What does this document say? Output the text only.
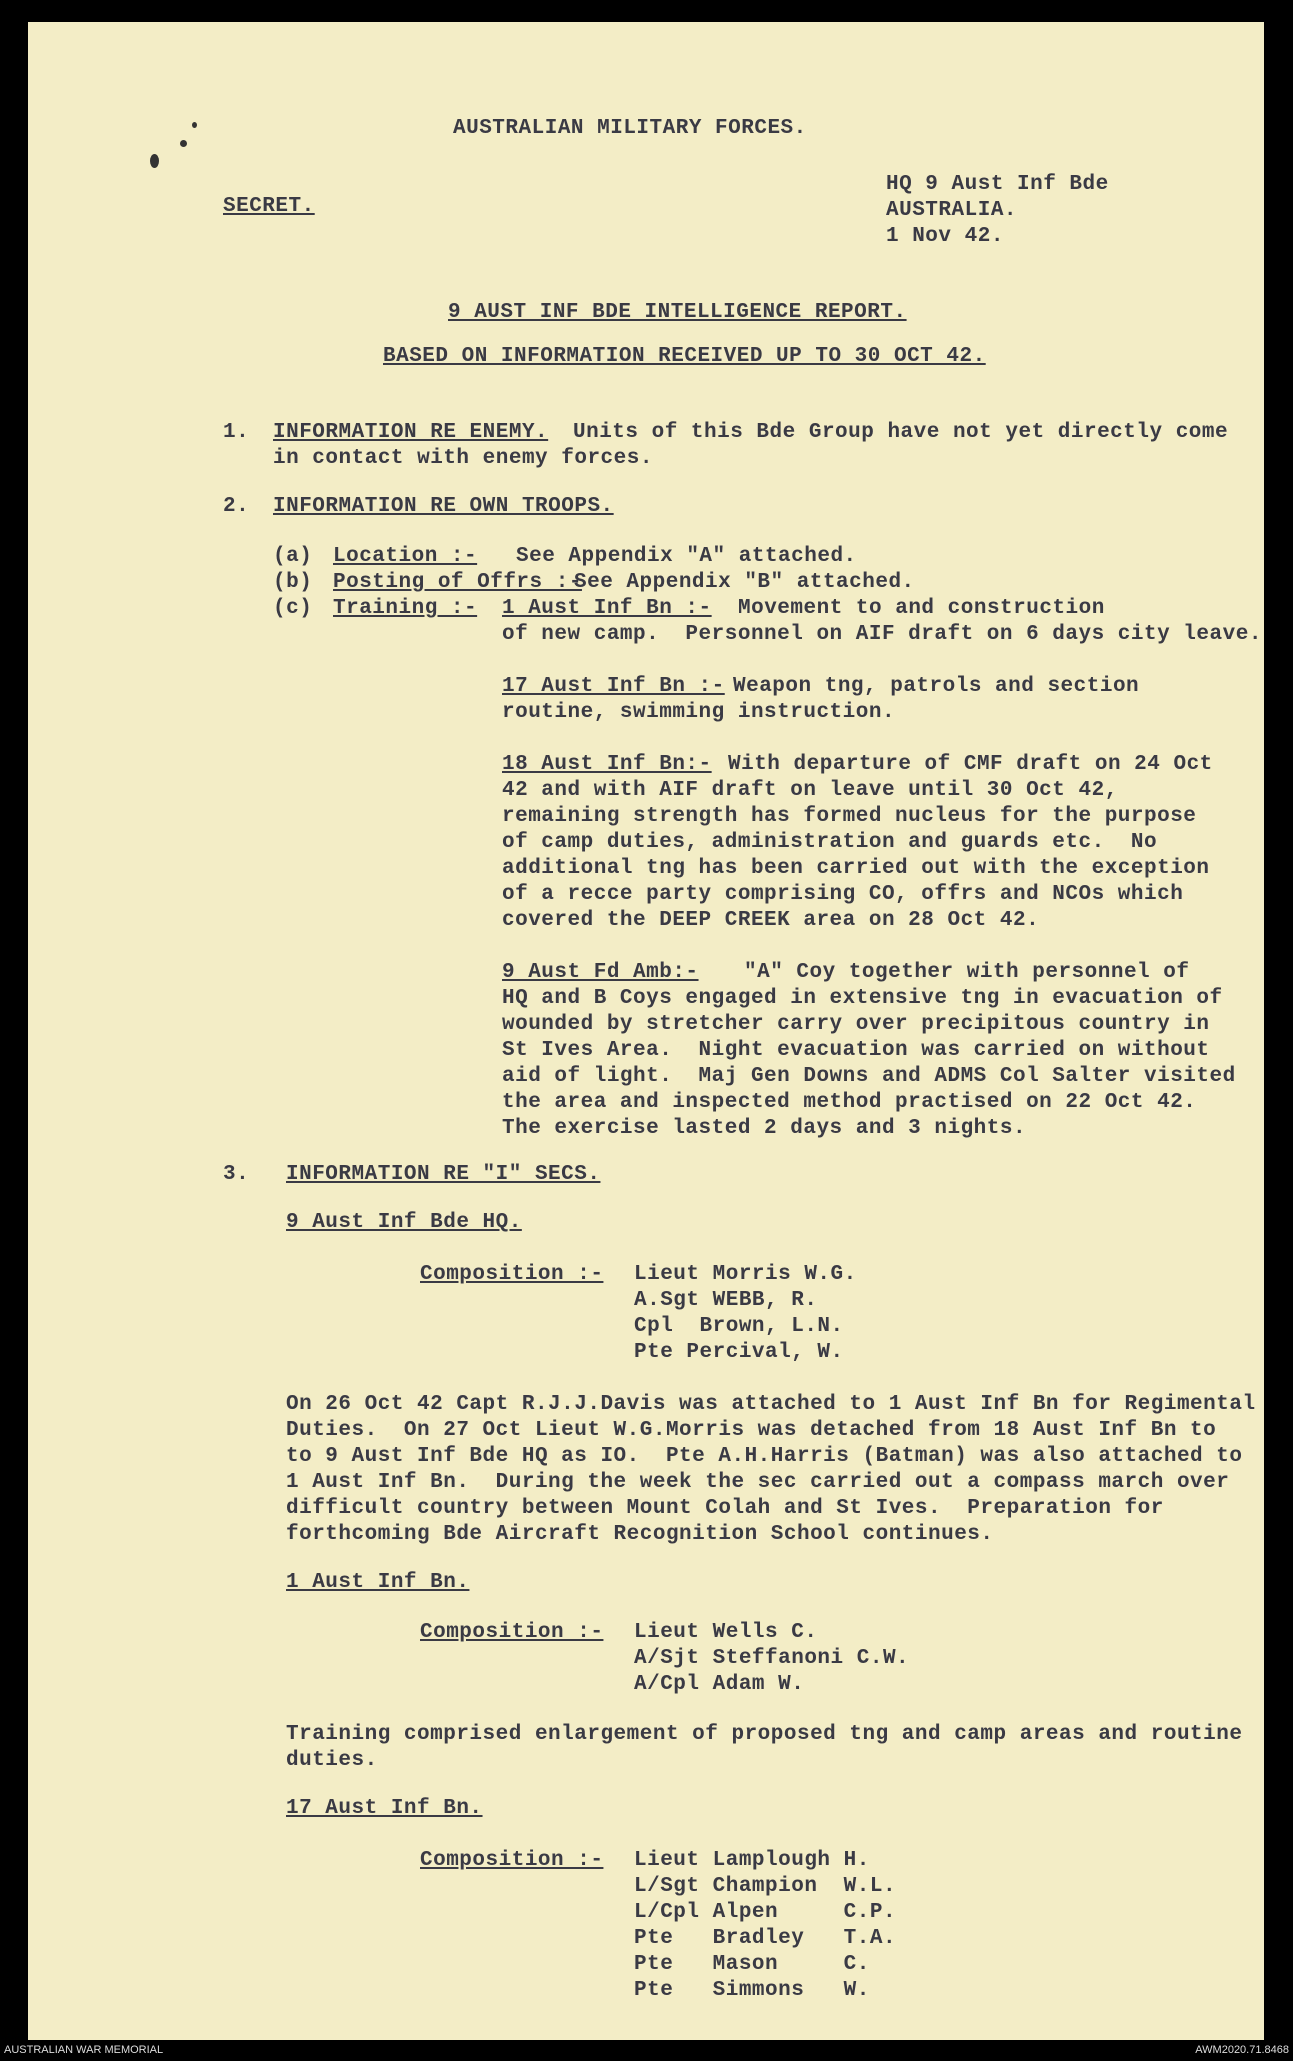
AUSTRALIAN MILITARY FORCES.
SECRET.
HQ 9 Aust Inf Bde
AUSTRALIA.
1 Nov 42.
9 AUST INF BDE INTELLIGENCE REPORT.
BASED ON INFORMATION RECEIVED UP TO 30 OCT 42.
1. INFORMATION RE ENEMY. Units of this Bde Group have not yet directly come
in contact with enemy forces.
2. INFORMATION RE OWN TROOPS.
(a) Location :- See Appendix "A" attached.
(b) Posting of Offrs :-
See Appendix "B" attached.
(c) Training :- 1 Aust Inf Bn :- Movement to and construction
of new camp.  Personnel on AIF draft on 6 days city leave.
17 Aust Inf Bn :- Weapon tng, patrols and section
routine, swimming instruction.
18 Aust Inf Bn:- With departure of CMF draft on 24 Oct
42 and with AIF draft on leave until 30 Oct 42,
remaining strength has formed nucleus for the purpose
of camp duties, administration and guards etc.  No
additional tng has been carried out with the exception
of a recce party comprising CO, offrs and NCOs which
covered the DEEP CREEK area on 28 Oct 42.
9 Aust Fd Amb:- "A" Coy together with personnel of
HQ and B Coys engaged in extensive tng in evacuation of
wounded by stretcher carry over precipitous country in
St Ives Area.  Night evacuation was carried on without
aid of light.  Maj Gen Downs and ADMS Col Salter visited
the area and inspected method practised on 22 Oct 42.
The exercise lasted 2 days and 3 nights.
3. INFORMATION RE "I" SECS.
9 Aust Inf Bde HQ.
Composition :- Lieut Morris W.G.
A.Sgt WEBB, R.
Cpl  Brown, L.N.
Pte Percival, W.
On 26 Oct 42 Capt R.J.J.Davis was attached to 1 Aust Inf Bn for Regimental
Duties.  On 27 Oct Lieut W.G.Morris was detached from 18 Aust Inf Bn to
to 9 Aust Inf Bde HQ as IO.  Pte A.H.Harris (Batman) was also attached to
1 Aust Inf Bn.  During the week the sec carried out a compass march over
difficult country between Mount Colah and St Ives.  Preparation for
forthcoming Bde Aircraft Recognition School continues.
1 Aust Inf Bn.
Composition :- Lieut Wells C.
A/Sjt Steffanoni C.W.
A/Cpl Adam W.
Training comprised enlargement of proposed tng and camp areas and routine
duties.
17 Aust Inf Bn.
Composition :- Lieut Lamplough H.
L/Sgt Champion  W.L.
L/Cpl Alpen     C.P.
Pte   Bradley   T.A.
Pte   Mason     C.
Pte   Simmons   W.
AUSTRALIAN WAR MEMORIAL	AWM2020.71.8468
